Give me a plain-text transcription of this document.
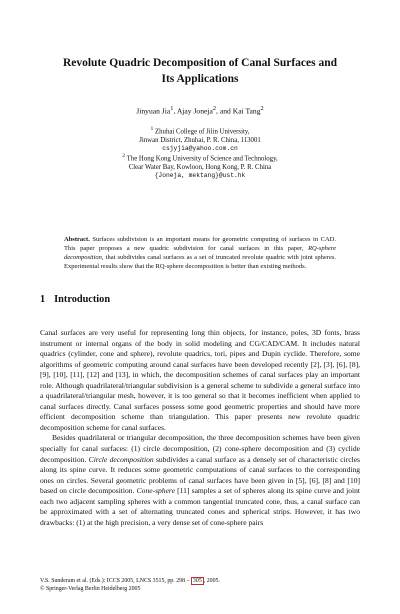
Revolute Quadric Decomposition of Canal Surfaces and
Its Applications
Jinyuan Jia$^1$, Ajay Joneja$^2$, and Kai Tang$^2$
$^1$ Zhuhai College of Jilin University,
Jinwan District, Zhuhai, P. R. China, 113001
csjyjia@yahoo.com.cn
$^2$ The Hong Kong University of Science and Technology,
Clear Water Bay, Kowloon, Hong Kong, P. R. China
{Joneja, mektang}@ust.hk
Abstract. Surfaces subdivision is an important means for geometric computing of surfaces in CAD. This paper proposes a new quadric subdivision for canal surfaces in this paper, RQ-sphere decomposition, that subdivides canal surfaces as a set of truncated revolute quadric with joint spheres. Experimental results show that the RQ-sphere decomposition is better than existing methods.
1 Introduction

Canal surfaces are very useful for representing long thin objects, for instance, poles, 3D fonts, brass instrument or internal organs of the body in solid modeling and CG/CAD/CAM. It includes natural quadrics (cylinder, cone and sphere), revolute quadrics, tori, pipes and Dupin cyclide. Therefore, some algorithms of geometric computing around canal surfaces have been developed recently [2], [3], [6], [8], [9], [10], [11], [12] and [13], in which, the decomposition schemes of canal surfaces play an important role. Although quadrilateral/triangular subdivision is a general scheme to subdivide a general surface into a quadrilateral/triangular mesh, however, it is too general so that it becomes inefficient when applied to canal surfaces directly. Canal surfaces possess some good geometric properties and should have more efficient decomposition scheme than triangulation. This paper presents new revolute quadric decomposition scheme for canal surfaces.

Besides quadrilateral or triangular decomposition, the three decomposition schemes have been given specially for canal surfaces: (1) circle decomposition, (2) cone-sphere decomposition and (3) cyclide decomposition. Circle decomposition subdivides a canal surface as a densely set of characteristic circles along its spine curve. It reduces some geometric computations of canal surfaces to the corresponding ones on circles. Several geometric problems of canal surfaces have been given in [5], [6], [8] and [10] based on circle decomposition. Cone-sphere [11] samples a set of spheres along its spine curve and joint each two adjacent sampling spheres with a common tangential truncated cone, thus, a canal surface can be approximated with a set of alternating truncated cones and spherical strips. However, it has two drawbacks: (1) at the high precision, a very dense set of cone-sphere pairs

V.S. Sunderam et al. (Eds.): ICCS 2005, LNCS 3515, pp. 298 – 305 , 2005.
© Springer-Verlag Berlin Heidelberg 2005
